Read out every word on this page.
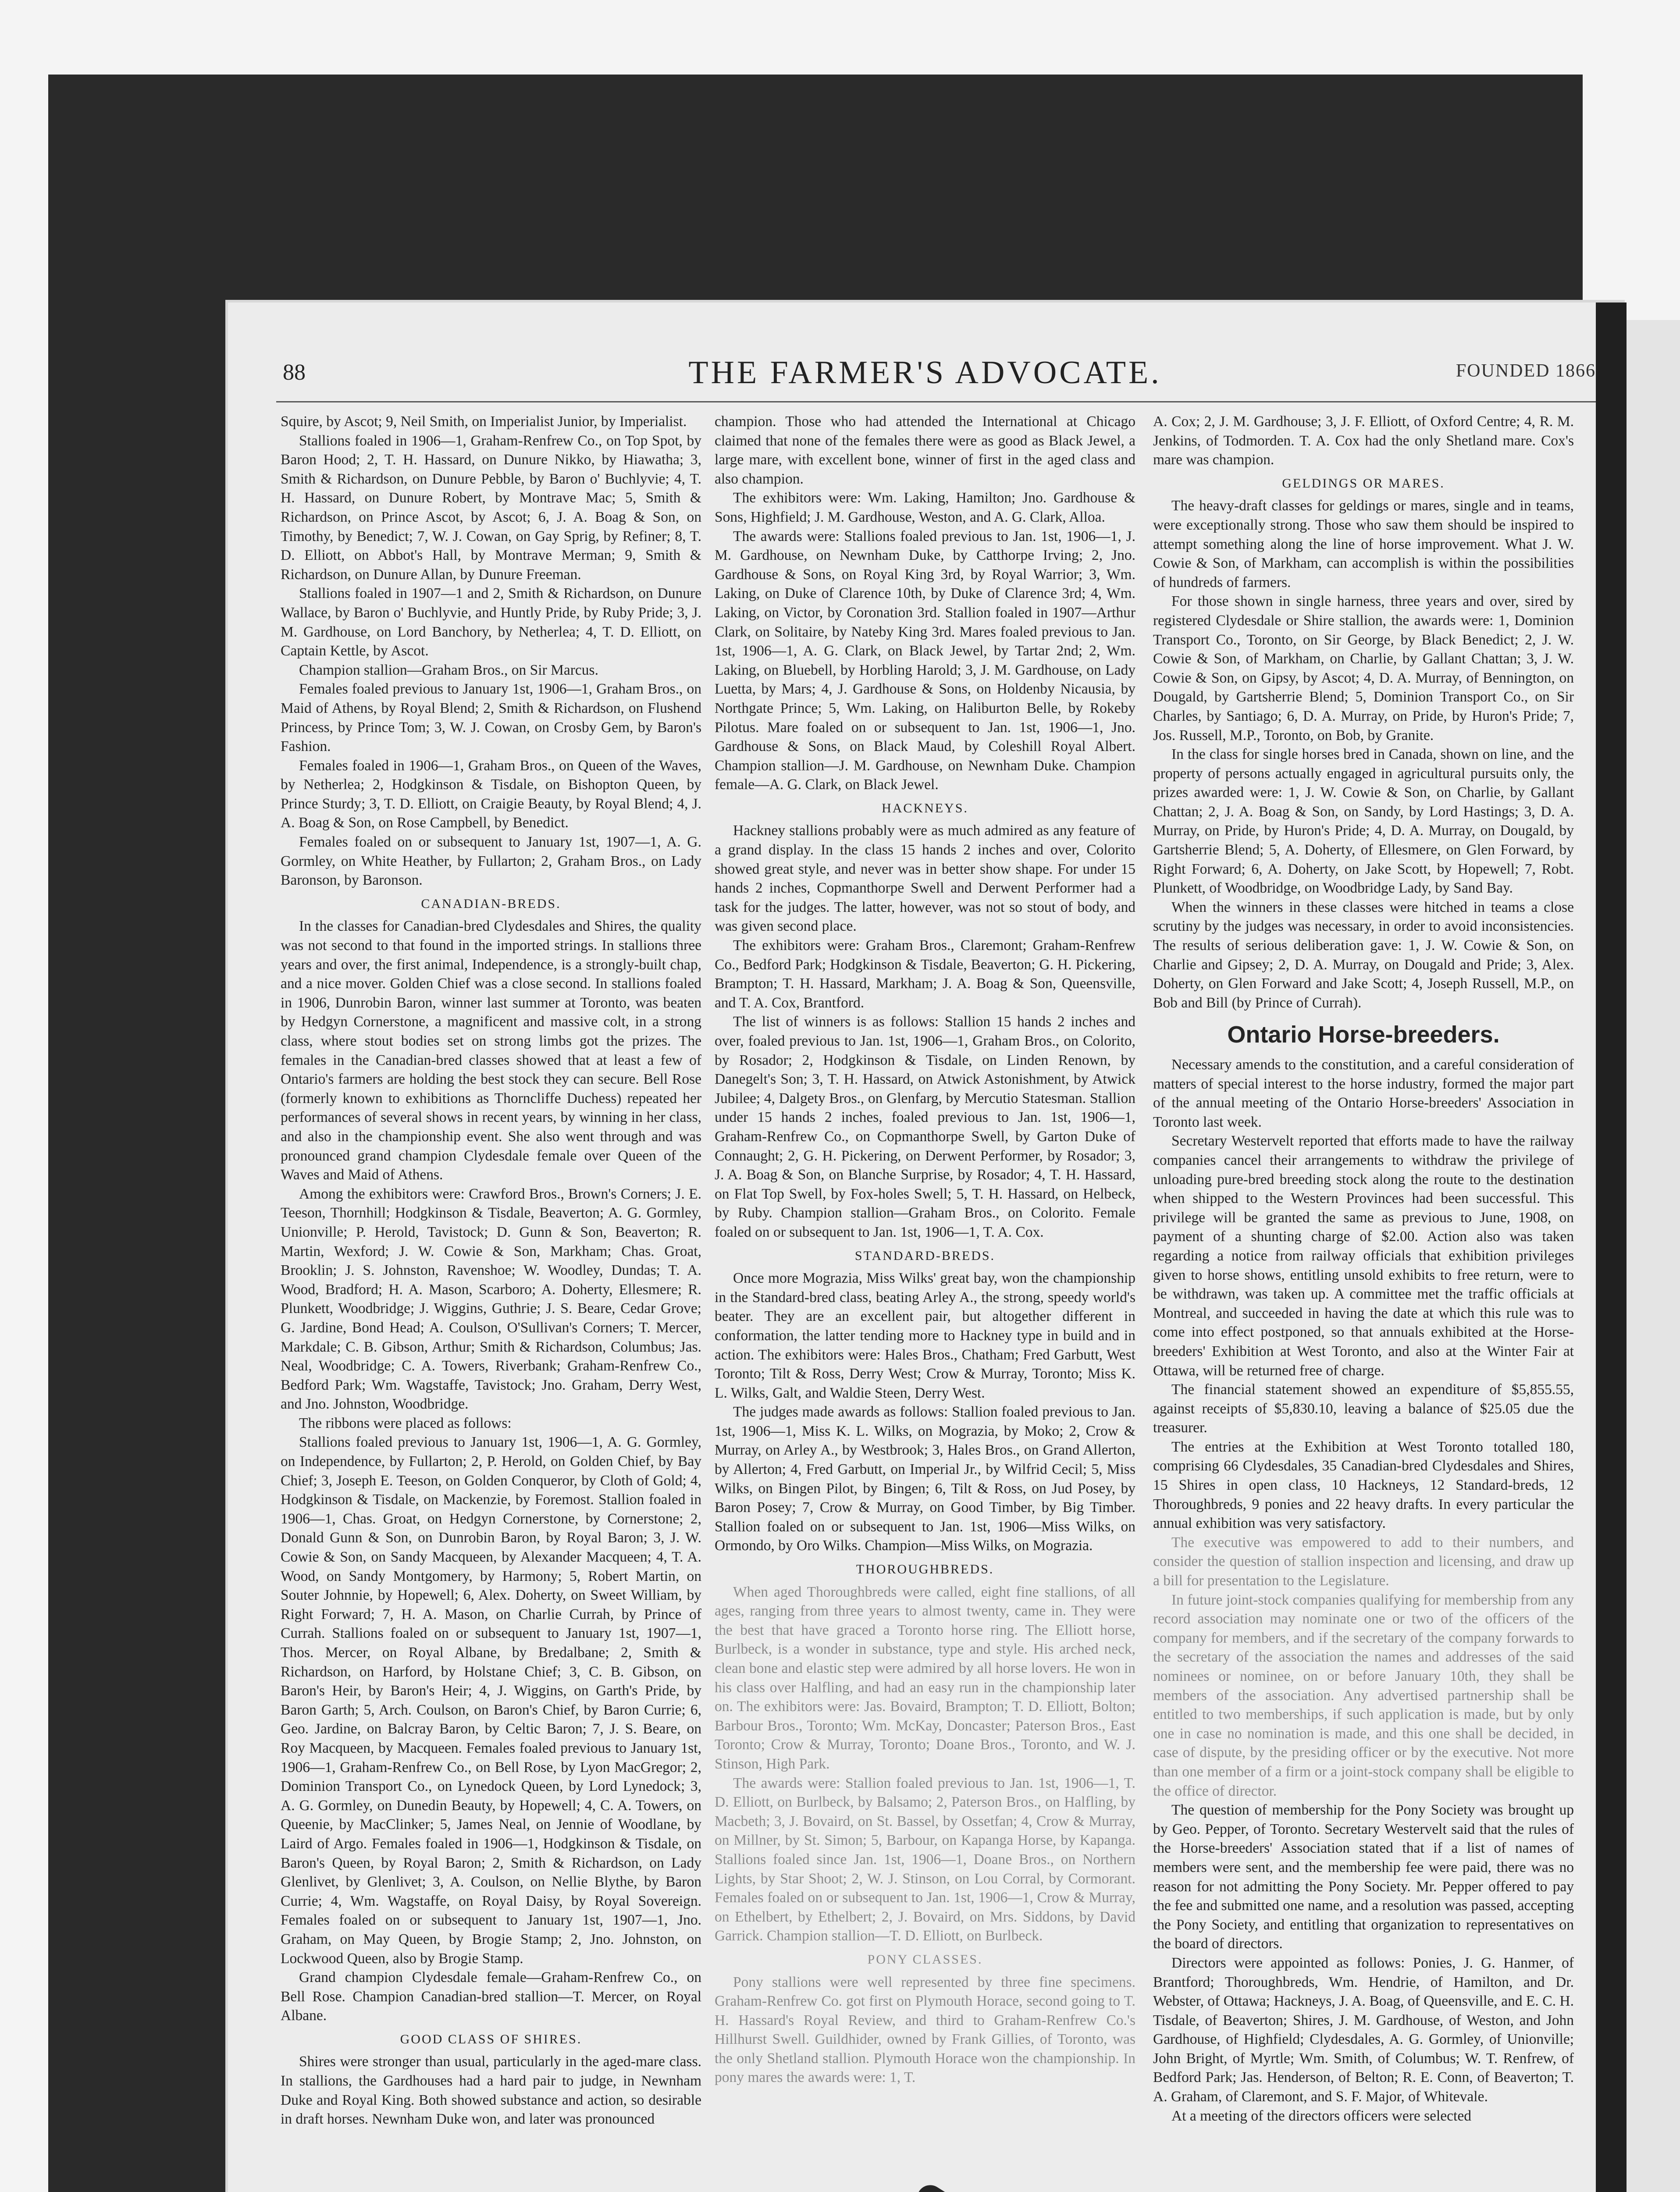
88	THE FARMER'S ADVOCATE.	FOUNDED 1866

Squire, by Ascot; 9, Neil Smith, on Imperialist Junior, by Imperialist.

Stallions foaled in 1906—1, Graham-Renfrew Co., on Top Spot, by Baron Hood; 2, T. H. Hassard, on Dunure Nikko, by Hiawatha; 3, Smith & Richardson, on Dunure Pebble, by Baron o' Buchlyvie; 4, T. H. Hassard, on Dunure Robert, by Montrave Mac; 5, Smith & Richardson, on Prince Ascot, by Ascot; 6, J. A. Boag & Son, on Timothy, by Benedict; 7, W. J. Cowan, on Gay Sprig, by Refiner; 8, T. D. Elliott, on Abbot's Hall, by Montrave Merman; 9, Smith & Richardson, on Dunure Allan, by Dunure Freeman.

Stallions foaled in 1907—1 and 2, Smith & Richardson, on Dunure Wallace, by Baron o' Buchlyvie, and Huntly Pride, by Ruby Pride; 3, J. M. Gardhouse, on Lord Banchory, by Netherlea; 4, T. D. Elliott, on Captain Kettle, by Ascot.

Champion stallion—Graham Bros., on Sir Marcus.

Females foaled previous to January 1st, 1906—1, Graham Bros., on Maid of Athens, by Royal Blend; 2, Smith & Richardson, on Flushend Princess, by Prince Tom; 3, W. J. Cowan, on Crosby Gem, by Baron's Fashion.

Females foaled in 1906—1, Graham Bros., on Queen of the Waves, by Netherlea; 2, Hodgkinson & Tisdale, on Bishopton Queen, by Prince Sturdy; 3, T. D. Elliott, on Craigie Beauty, by Royal Blend; 4, J. A. Boag & Son, on Rose Campbell, by Benedict.

Females foaled on or subsequent to January 1st, 1907—1, A. G. Gormley, on White Heather, by Fullarton; 2, Graham Bros., on Lady Baronson, by Baronson.

CANADIAN-BREDS.

In the classes for Canadian-bred Clydesdales and Shires, the quality was not second to that found in the imported strings. In stallions three years and over, the first animal, Independence, is a strongly-built chap, and a nice mover. Golden Chief was a close second. In stallions foaled in 1906, Dunrobin Baron, winner last summer at Toronto, was beaten by Hedgyn Cornerstone, a magnificent and massive colt, in a strong class, where stout bodies set on strong limbs got the prizes. The females in the Canadian-bred classes showed that at least a few of Ontario's farmers are holding the best stock they can secure. Bell Rose (formerly known to exhibitions as Thorncliffe Duchess) repeated her performances of several shows in recent years, by winning in her class, and also in the championship event. She also went through and was pronounced grand champion Clydesdale female over Queen of the Waves and Maid of Athens.

Among the exhibitors were: Crawford Bros., Brown's Corners; J. E. Teeson, Thornhill; Hodgkinson & Tisdale, Beaverton; A. G. Gormley, Unionville; P. Herold, Tavistock; D. Gunn & Son, Beaverton; R. Martin, Wexford; J. W. Cowie & Son, Markham; Chas. Groat, Brooklin; J. S. Johnston, Ravenshoe; W. Woodley, Dundas; T. A. Wood, Bradford; H. A. Mason, Scarboro; A. Doherty, Ellesmere; R. Plunkett, Woodbridge; J. Wiggins, Guthrie; J. S. Beare, Cedar Grove; G. Jardine, Bond Head; A. Coulson, O'Sullivan's Corners; T. Mercer, Markdale; C. B. Gibson, Arthur; Smith & Richardson, Columbus; Jas. Neal, Woodbridge; C. A. Towers, Riverbank; Graham-Renfrew Co., Bedford Park; Wm. Wagstaffe, Tavistock; Jno. Graham, Derry West, and Jno. Johnston, Woodbridge.

The ribbons were placed as follows:

Stallions foaled previous to January 1st, 1906—1, A. G. Gormley, on Independence, by Fullarton; 2, P. Herold, on Golden Chief, by Bay Chief; 3, Joseph E. Teeson, on Golden Conqueror, by Cloth of Gold; 4, Hodgkinson & Tisdale, on Mackenzie, by Foremost. Stallion foaled in 1906—1, Chas. Groat, on Hedgyn Cornerstone, by Cornerstone; 2, Donald Gunn & Son, on Dunrobin Baron, by Royal Baron; 3, J. W. Cowie & Son, on Sandy Macqueen, by Alexander Macqueen; 4, T. A. Wood, on Sandy Montgomery, by Harmony; 5, Robert Martin, on Souter Johnnie, by Hopewell; 6, Alex. Doherty, on Sweet William, by Right Forward; 7, H. A. Mason, on Charlie Currah, by Prince of Currah. Stallions foaled on or subsequent to January 1st, 1907—1, Thos. Mercer, on Royal Albane, by Bredalbane; 2, Smith & Richardson, on Harford, by Holstane Chief; 3, C. B. Gibson, on Baron's Heir, by Baron's Heir; 4, J. Wiggins, on Garth's Pride, by Baron Garth; 5, Arch. Coulson, on Baron's Chief, by Baron Currie; 6, Geo. Jardine, on Balcray Baron, by Celtic Baron; 7, J. S. Beare, on Roy Macqueen, by Macqueen. Females foaled previous to January 1st, 1906—1, Graham-Renfrew Co., on Bell Rose, by Lyon MacGregor; 2, Dominion Transport Co., on Lynedock Queen, by Lord Lynedock; 3, A. G. Gormley, on Dunedin Beauty, by Hopewell; 4, C. A. Towers, on Queenie, by MacClinker; 5, James Neal, on Jennie of Woodlane, by Laird of Argo. Females foaled in 1906—1, Hodgkinson & Tisdale, on Baron's Queen, by Royal Baron; 2, Smith & Richardson, on Lady Glenlivet, by Glenlivet; 3, A. Coulson, on Nellie Blythe, by Baron Currie; 4, Wm. Wagstaffe, on Royal Daisy, by Royal Sovereign. Females foaled on or subsequent to January 1st, 1907—1, Jno. Graham, on May Queen, by Brogie Stamp; 2, Jno. Johnston, on Lockwood Queen, also by Brogie Stamp.

Grand champion Clydesdale female—Graham-Renfrew Co., on Bell Rose. Champion Canadian-bred stallion—T. Mercer, on Royal Albane.

GOOD CLASS OF SHIRES.

Shires were stronger than usual, particularly in the aged-mare class. In stallions, the Gardhouses had a hard pair to judge, in Newnham Duke and Royal King. Both showed substance and action, so desirable in draft horses. Newnham Duke won, and later was pronounced

champion. Those who had attended the International at Chicago claimed that none of the females there were as good as Black Jewel, a large mare, with excellent bone, winner of first in the aged class and also champion.

The exhibitors were: Wm. Laking, Hamilton; Jno. Gardhouse & Sons, Highfield; J. M. Gardhouse, Weston, and A. G. Clark, Alloa.

The awards were: Stallions foaled previous to Jan. 1st, 1906—1, J. M. Gardhouse, on Newnham Duke, by Catthorpe Irving; 2, Jno. Gardhouse & Sons, on Royal King 3rd, by Royal Warrior; 3, Wm. Laking, on Duke of Clarence 10th, by Duke of Clarence 3rd; 4, Wm. Laking, on Victor, by Coronation 3rd. Stallion foaled in 1907—Arthur Clark, on Solitaire, by Nateby King 3rd. Mares foaled previous to Jan. 1st, 1906—1, A. G. Clark, on Black Jewel, by Tartar 2nd; 2, Wm. Laking, on Bluebell, by Horbling Harold; 3, J. M. Gardhouse, on Lady Luetta, by Mars; 4, J. Gardhouse & Sons, on Holdenby Nicausia, by Northgate Prince; 5, Wm. Laking, on Haliburton Belle, by Rokeby Pilotus. Mare foaled on or subsequent to Jan. 1st, 1906—1, Jno. Gardhouse & Sons, on Black Maud, by Coleshill Royal Albert. Champion stallion—J. M. Gardhouse, on Newnham Duke. Champion female—A. G. Clark, on Black Jewel.

HACKNEYS.

Hackney stallions probably were as much admired as any feature of a grand display. In the class 15 hands 2 inches and over, Colorito showed great style, and never was in better show shape. For under 15 hands 2 inches, Copmanthorpe Swell and Derwent Performer had a task for the judges. The latter, however, was not so stout of body, and was given second place.

The exhibitors were: Graham Bros., Claremont; Graham-Renfrew Co., Bedford Park; Hodgkinson & Tisdale, Beaverton; G. H. Pickering, Brampton; T. H. Hassard, Markham; J. A. Boag & Son, Queensville, and T. A. Cox, Brantford.

The list of winners is as follows: Stallion 15 hands 2 inches and over, foaled previous to Jan. 1st, 1906—1, Graham Bros., on Colorito, by Rosador; 2, Hodgkinson & Tisdale, on Linden Renown, by Danegelt's Son; 3, T. H. Hassard, on Atwick Astonishment, by Atwick Jubilee; 4, Dalgety Bros., on Glenfarg, by Mercutio Statesman. Stallion under 15 hands 2 inches, foaled previous to Jan. 1st, 1906—1, Graham-Renfrew Co., on Copmanthorpe Swell, by Garton Duke of Connaught; 2, G. H. Pickering, on Derwent Performer, by Rosador; 3, J. A. Boag & Son, on Blanche Surprise, by Rosador; 4, T. H. Hassard, on Flat Top Swell, by Fox-holes Swell; 5, T. H. Hassard, on Helbeck, by Ruby. Champion stallion—Graham Bros., on Colorito. Female foaled on or subsequent to Jan. 1st, 1906—1, T. A. Cox.

STANDARD-BREDS.

Once more Mograzia, Miss Wilks' great bay, won the championship in the Standard-bred class, beating Arley A., the strong, speedy world's beater. They are an excellent pair, but altogether different in conformation, the latter tending more to Hackney type in build and in action. The exhibitors were: Hales Bros., Chatham; Fred Garbutt, West Toronto; Tilt & Ross, Derry West; Crow & Murray, Toronto; Miss K. L. Wilks, Galt, and Waldie Steen, Derry West.

The judges made awards as follows: Stallion foaled previous to Jan. 1st, 1906—1, Miss K. L. Wilks, on Mograzia, by Moko; 2, Crow & Murray, on Arley A., by Westbrook; 3, Hales Bros., on Grand Allerton, by Allerton; 4, Fred Garbutt, on Imperial Jr., by Wilfrid Cecil; 5, Miss Wilks, on Bingen Pilot, by Bingen; 6, Tilt & Ross, on Jud Posey, by Baron Posey; 7, Crow & Murray, on Good Timber, by Big Timber. Stallion foaled on or subsequent to Jan. 1st, 1906—Miss Wilks, on Ormondo, by Oro Wilks. Champion—Miss Wilks, on Mograzia.

THOROUGHBREDS.

When aged Thoroughbreds were called, eight fine stallions, of all ages, ranging from three years to almost twenty, came in. They were the best that have graced a Toronto horse ring. The Elliott horse, Burlbeck, is a wonder in substance, type and style. His arched neck, clean bone and elastic step were admired by all horse lovers. He won in his class over Halfling, and had an easy run in the championship later on. The exhibitors were: Jas. Bovaird, Brampton; T. D. Elliott, Bolton; Barbour Bros., Toronto; Wm. McKay, Doncaster; Paterson Bros., East Toronto; Crow & Murray, Toronto; Doane Bros., Toronto, and W. J. Stinson, High Park.

The awards were: Stallion foaled previous to Jan. 1st, 1906—1, T. D. Elliott, on Burlbeck, by Balsamo; 2, Paterson Bros., on Halfling, by Macbeth; 3, J. Bovaird, on St. Bassel, by Ossetfan; 4, Crow & Murray, on Millner, by St. Simon; 5, Barbour, on Kapanga Horse, by Kapanga. Stallions foaled since Jan. 1st, 1906—1, Doane Bros., on Northern Lights, by Star Shoot; 2, W. J. Stinson, on Lou Corral, by Cormorant. Females foaled on or subsequent to Jan. 1st, 1906—1, Crow & Murray, on Ethelbert, by Ethelbert; 2, J. Bovaird, on Mrs. Siddons, by David Garrick. Champion stallion—T. D. Elliott, on Burlbeck.

PONY CLASSES.

Pony stallions were well represented by three fine specimens. Graham-Renfrew Co. got first on Plymouth Horace, second going to T. H. Hassard's Royal Review, and third to Graham-Renfrew Co.'s Hillhurst Swell. Guildhider, owned by Frank Gillies, of Toronto, was the only Shetland stallion. Plymouth Horace won the championship. In pony mares the awards were: 1, T.

A. Cox; 2, J. M. Gardhouse; 3, J. F. Elliott, of Oxford Centre; 4, R. M. Jenkins, of Todmorden. T. A. Cox had the only Shetland mare. Cox's mare was champion.

GELDINGS OR MARES.

The heavy-draft classes for geldings or mares, single and in teams, were exceptionally strong. Those who saw them should be inspired to attempt something along the line of horse improvement. What J. W. Cowie & Son, of Markham, can accomplish is within the possibilities of hundreds of farmers.

For those shown in single harness, three years and over, sired by registered Clydesdale or Shire stallion, the awards were: 1, Dominion Transport Co., Toronto, on Sir George, by Black Benedict; 2, J. W. Cowie & Son, of Markham, on Charlie, by Gallant Chattan; 3, J. W. Cowie & Son, on Gipsy, by Ascot; 4, D. A. Murray, of Bennington, on Dougald, by Gartsherrie Blend; 5, Dominion Transport Co., on Sir Charles, by Santiago; 6, D. A. Murray, on Pride, by Huron's Pride; 7, Jos. Russell, M.P., Toronto, on Bob, by Granite.

In the class for single horses bred in Canada, shown on line, and the property of persons actually engaged in agricultural pursuits only, the prizes awarded were: 1, J. W. Cowie & Son, on Charlie, by Gallant Chattan; 2, J. A. Boag & Son, on Sandy, by Lord Hastings; 3, D. A. Murray, on Pride, by Huron's Pride; 4, D. A. Murray, on Dougald, by Gartsherrie Blend; 5, A. Doherty, of Ellesmere, on Glen Forward, by Right Forward; 6, A. Doherty, on Jake Scott, by Hopewell; 7, Robt. Plunkett, of Woodbridge, on Woodbridge Lady, by Sand Bay.

When the winners in these classes were hitched in teams a close scrutiny by the judges was necessary, in order to avoid inconsistencies. The results of serious deliberation gave: 1, J. W. Cowie & Son, on Charlie and Gipsey; 2, D. A. Murray, on Dougald and Pride; 3, Alex. Doherty, on Glen Forward and Jake Scott; 4, Joseph Russell, M.P., on Bob and Bill (by Prince of Currah).

Ontario Horse-breeders.

Necessary amends to the constitution, and a careful consideration of matters of special interest to the horse industry, formed the major part of the annual meeting of the Ontario Horse-breeders' Association in Toronto last week.

Secretary Westervelt reported that efforts made to have the railway companies cancel their arrangements to withdraw the privilege of unloading pure-bred breeding stock along the route to the destination when shipped to the Western Provinces had been successful. This privilege will be granted the same as previous to June, 1908, on payment of a shunting charge of $2.00. Action also was taken regarding a notice from railway officials that exhibition privileges given to horse shows, entitling unsold exhibits to free return, were to be withdrawn, was taken up. A committee met the traffic officials at Montreal, and succeeded in having the date at which this rule was to come into effect postponed, so that annuals exhibited at the Horse-breeders' Exhibition at West Toronto, and also at the Winter Fair at Ottawa, will be returned free of charge.

The financial statement showed an expenditure of $5,855.55, against receipts of $5,830.10, leaving a balance of $25.05 due the treasurer.

The entries at the Exhibition at West Toronto totalled 180, comprising 66 Clydesdales, 35 Canadian-bred Clydesdales and Shires, 15 Shires in open class, 10 Hackneys, 12 Standard-breds, 12 Thoroughbreds, 9 ponies and 22 heavy drafts. In every particular the annual exhibition was very satisfactory.

The executive was empowered to add to their numbers, and consider the question of stallion inspection and licensing, and draw up a bill for presentation to the Legislature.

In future joint-stock companies qualifying for membership from any record association may nominate one or two of the officers of the company for members, and if the secretary of the company forwards to the secretary of the association the names and addresses of the said nominees or nominee, on or before January 10th, they shall be members of the association. Any advertised partnership shall be entitled to two memberships, if such application is made, but by only one in case no nomination is made, and this one shall be decided, in case of dispute, by the presiding officer or by the executive. Not more than one member of a firm or a joint-stock company shall be eligible to the office of director.

The question of membership for the Pony Society was brought up by Geo. Pepper, of Toronto. Secretary Westervelt said that the rules of the Horse-breeders' Association stated that if a list of names of members were sent, and the membership fee were paid, there was no reason for not admitting the Pony Society. Mr. Pepper offered to pay the fee and submitted one name, and a resolution was passed, accepting the Pony Society, and entitling that organization to representatives on the board of directors.

Directors were appointed as follows: Ponies, J. G. Hanmer, of Brantford; Thoroughbreds, Wm. Hendrie, of Hamilton, and Dr. Webster, of Ottawa; Hackneys, J. A. Boag, of Queensville, and E. C. H. Tisdale, of Beaverton; Shires, J. M. Gardhouse, of Weston, and John Gardhouse, of Highfield; Clydesdales, A. G. Gormley, of Unionville; John Bright, of Myrtle; Wm. Smith, of Columbus; W. T. Renfrew, of Bedford Park; Jas. Henderson, of Belton; R. E. Conn, of Beaverton; T. A. Graham, of Claremont, and S. F. Major, of Whitevale.

At a meeting of the directors officers were selected
